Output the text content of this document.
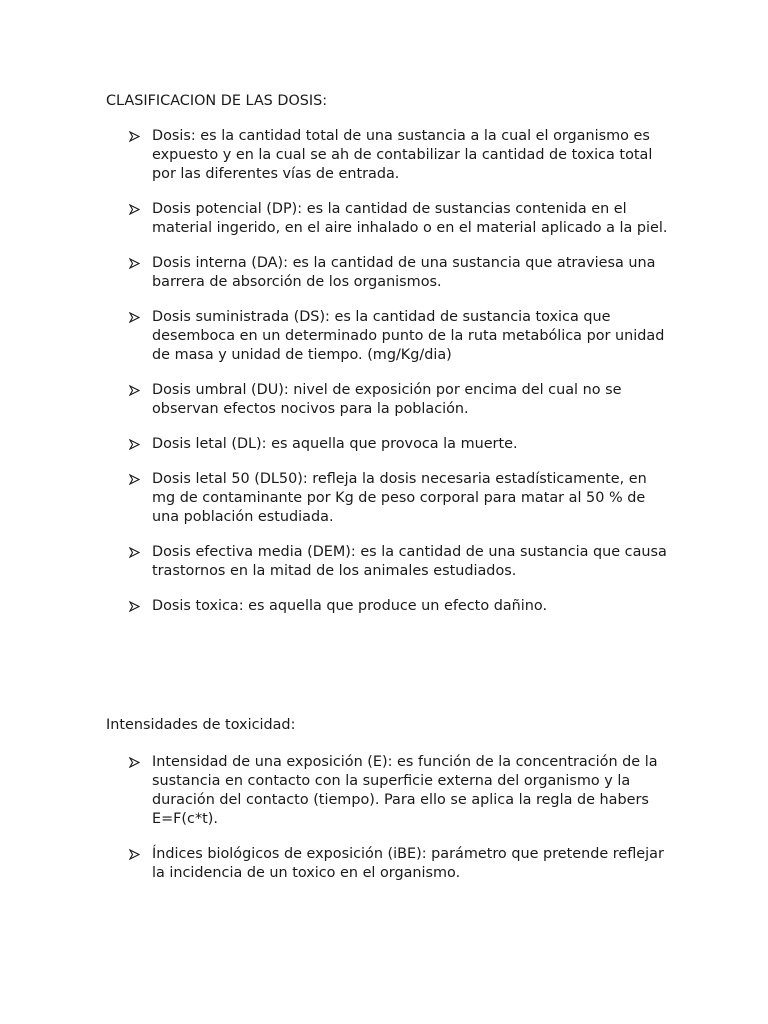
CLASIFICACION DE LAS DOSIS:
Dosis: es la cantidad total de una sustancia a la cual el organismo es expuesto y en la cual se ah de contabilizar la cantidad de toxica total por las diferentes vías de entrada.
Dosis potencial (DP): es la cantidad de sustancias contenida en el material ingerido, en el aire inhalado o en el material aplicado a la piel.
Dosis interna (DA): es la cantidad de una sustancia que atraviesa una barrera de absorción de los organismos.
Dosis suministrada (DS): es la cantidad de sustancia toxica que desemboca en un determinado punto de la ruta metabólica por unidad de masa y unidad de tiempo. (mg/Kg/dia)
Dosis umbral (DU): nivel de exposición por encima del cual no se observan efectos nocivos para la población.
Dosis letal (DL): es aquella que provoca la muerte.
Dosis letal 50 (DL50): refleja la dosis necesaria estadísticamente, en mg de contaminante por Kg de peso corporal para matar al 50 % de una población estudiada.
Dosis efectiva media (DEM): es la cantidad de una sustancia que causa trastornos en la mitad de los animales estudiados.
Dosis toxica: es aquella que produce un efecto dañino.
Intensidades de toxicidad:
Intensidad de una exposición (E): es función de la concentración de la sustancia en contacto con la superficie externa del organismo y la duración del contacto (tiempo). Para ello se aplica la regla de habers E=F(c*t).
Índices biológicos de exposición (iBE): parámetro que pretende reflejar la incidencia de un toxico en el organismo.
